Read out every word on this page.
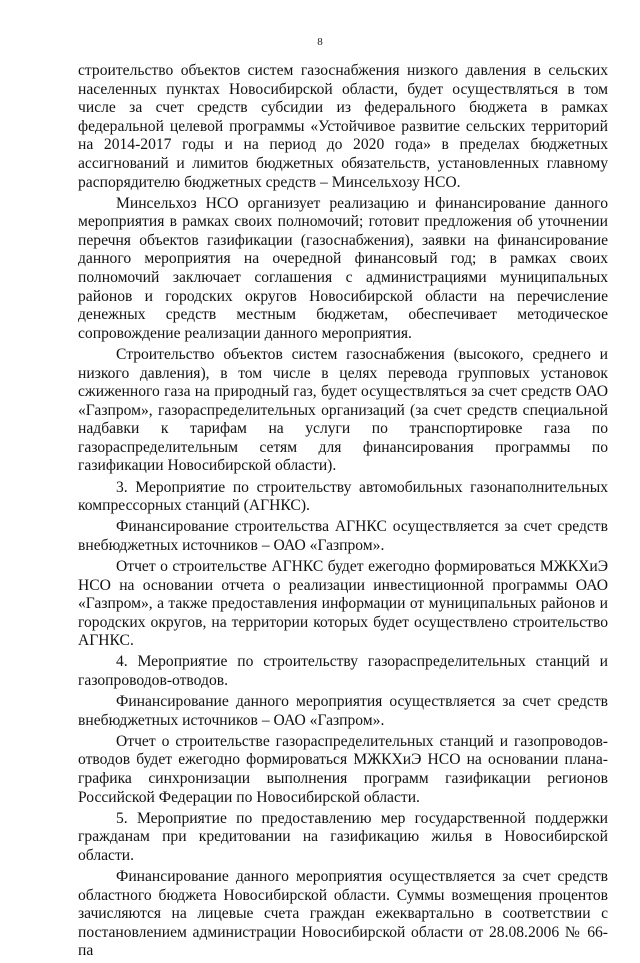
8

строительство объектов систем газоснабжения низкого давления в сельских населенных пунктах Новосибирской области, будет осуществляться в том числе за счет средств субсидии из федерального бюджета в рамках федеральной целевой программы «Устойчивое развитие сельских территорий на 2014-2017 годы и на период до 2020 года» в пределах бюджетных ассигнований и лимитов бюджетных обязательств, установленных главному распорядителю бюджетных средств – Минсельхозу НСО.

Минсельхоз НСО организует реализацию и финансирование данного мероприятия в рамках своих полномочий; готовит предложения об уточнении перечня объектов газификации (газоснабжения), заявки на финансирование данного мероприятия на очередной финансовый год; в рамках своих полномочий заключает соглашения с администрациями муниципальных районов и городских округов Новосибирской области на перечисление денежных средств местным бюджетам, обеспечивает методическое сопровождение реализации данного мероприятия.

Строительство объектов систем газоснабжения (высокого, среднего и низкого давления), в том числе в целях перевода групповых установок сжиженного газа на природный газ, будет осуществляться за счет средств ОАО «Газпром», газораспределительных организаций (за счет средств специальной надбавки к тарифам на услуги по транспортировке газа по газораспределительным сетям для финансирования программы по газификации Новосибирской области).

3. Мероприятие по строительству автомобильных газонаполнительных компрессорных станций (АГНКС).

Финансирование строительства АГНКС осуществляется за счет средств внебюджетных источников – ОАО «Газпром».

Отчет о строительстве АГНКС будет ежегодно формироваться МЖКХиЭ НСО на основании отчета о реализации инвестиционной программы ОАО «Газпром», а также предоставления информации от муниципальных районов и городских округов, на территории которых будет осуществлено строительство АГНКС.

4. Мероприятие по строительству газораспределительных станций и газопроводов-отводов.

Финансирование данного мероприятия осуществляется за счет средств внебюджетных источников – ОАО «Газпром».

Отчет о строительстве газораспределительных станций и газопроводов-отводов будет ежегодно формироваться МЖКХиЭ НСО на основании плана-графика синхронизации выполнения программ газификации регионов Российской Федерации по Новосибирской области.

5. Мероприятие по предоставлению мер государственной поддержки гражданам при кредитовании на газификацию жилья в Новосибирской области.

Финансирование данного мероприятия осуществляется за счет средств областного бюджета Новосибирской области. Суммы возмещения процентов зачисляются на лицевые счета граждан ежеквартально в соответствии с постановлением администрации Новосибирской области от 28.08.2006 № 66-па
